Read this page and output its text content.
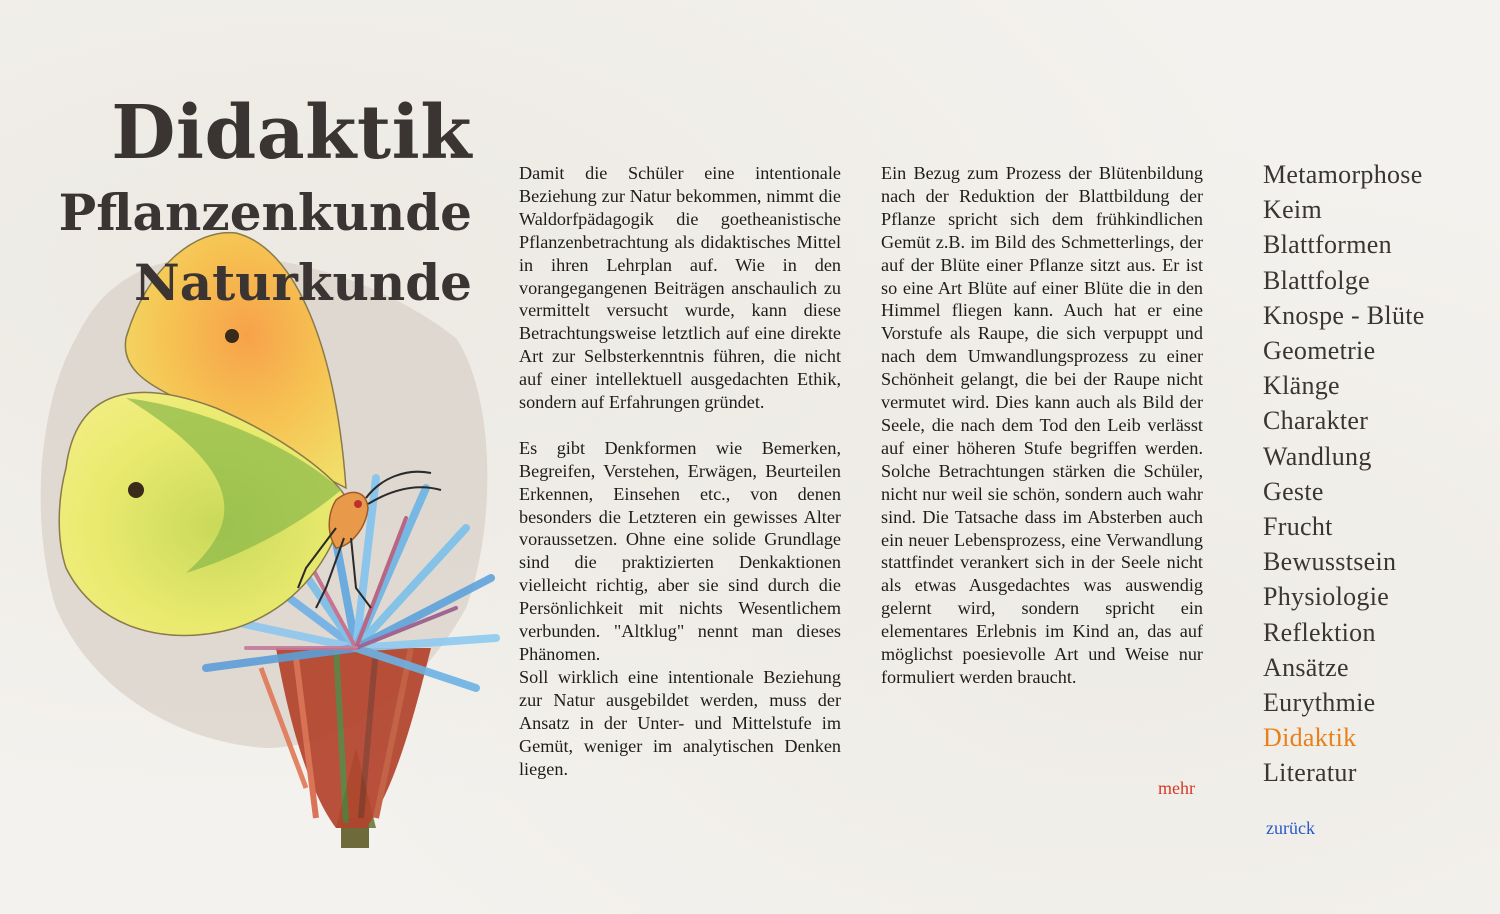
Didaktik
Pflanzenkunde
Naturkunde

Damit die Schüler eine intentionale Beziehung zur Natur bekommen, nimmt die Waldorfpädagogik die goetheanistische Pflanzenbetrachtung als didaktisches Mittel in ihren Lehrplan auf. Wie in den vorangegangenen Beiträgen anschaulich zu vermittelt versucht wurde, kann diese Betrachtungsweise letztlich auf eine direkte Art zur Selbsterkenntnis führen, die nicht auf einer intellektuell ausgedachten Ethik, sondern auf Erfahrungen gründet.

Es gibt Denkformen wie Bemerken, Begreifen, Verstehen, Erwägen, Beurteilen Erkennen, Einsehen etc., von denen besonders die Letzteren ein gewisses Alter voraussetzen. Ohne eine solide Grundlage sind die praktizierten Denkaktionen vielleicht richtig, aber sie sind durch die Persönlichkeit mit nichts Wesentlichem verbunden. "Altklug" nennt man dieses Phänomen.

Soll wirklich eine intentionale Beziehung zur Natur ausgebildet werden, muss der Ansatz in der Unter- und Mittelstufe im Gemüt, weniger im analytischen Denken liegen.

Ein Bezug zum Prozess der Blütenbildung nach der Reduktion der Blattbildung der Pflanze spricht sich dem frühkindlichen Gemüt z.B. im Bild des Schmetterlings, der auf der Blüte einer Pflanze sitzt aus. Er ist so eine Art Blüte auf einer Blüte die in den Himmel fliegen kann. Auch hat er eine Vorstufe als Raupe, die sich verpuppt und nach dem Umwandlungsprozess zu einer Schönheit gelangt, die bei der Raupe nicht vermutet wird. Dies kann auch als Bild der Seele, die nach dem Tod den Leib verlässt auf einer höheren Stufe begriffen werden. Solche Betrachtungen stärken die Schüler, nicht nur weil sie schön, sondern auch wahr sind. Die Tatsache dass im Absterben auch ein neuer Lebensprozess, eine Verwandlung stattfindet verankert sich in der Seele nicht als etwas Ausgedachtes was auswendig gelernt wird, sondern spricht ein elementares Erlebnis im Kind an, das auf möglichst poesievolle Art und Weise nur formuliert werden braucht.

mehr
Metamorphose
Keim
Blattformen
Blattfolge
Knospe - Blüte
Geometrie
Klänge
Charakter
Wandlung
Geste
Frucht
Bewusstsein
Physiologie
Reflektion
Ansätze
Eurythmie
Didaktik
Literatur
zurück
